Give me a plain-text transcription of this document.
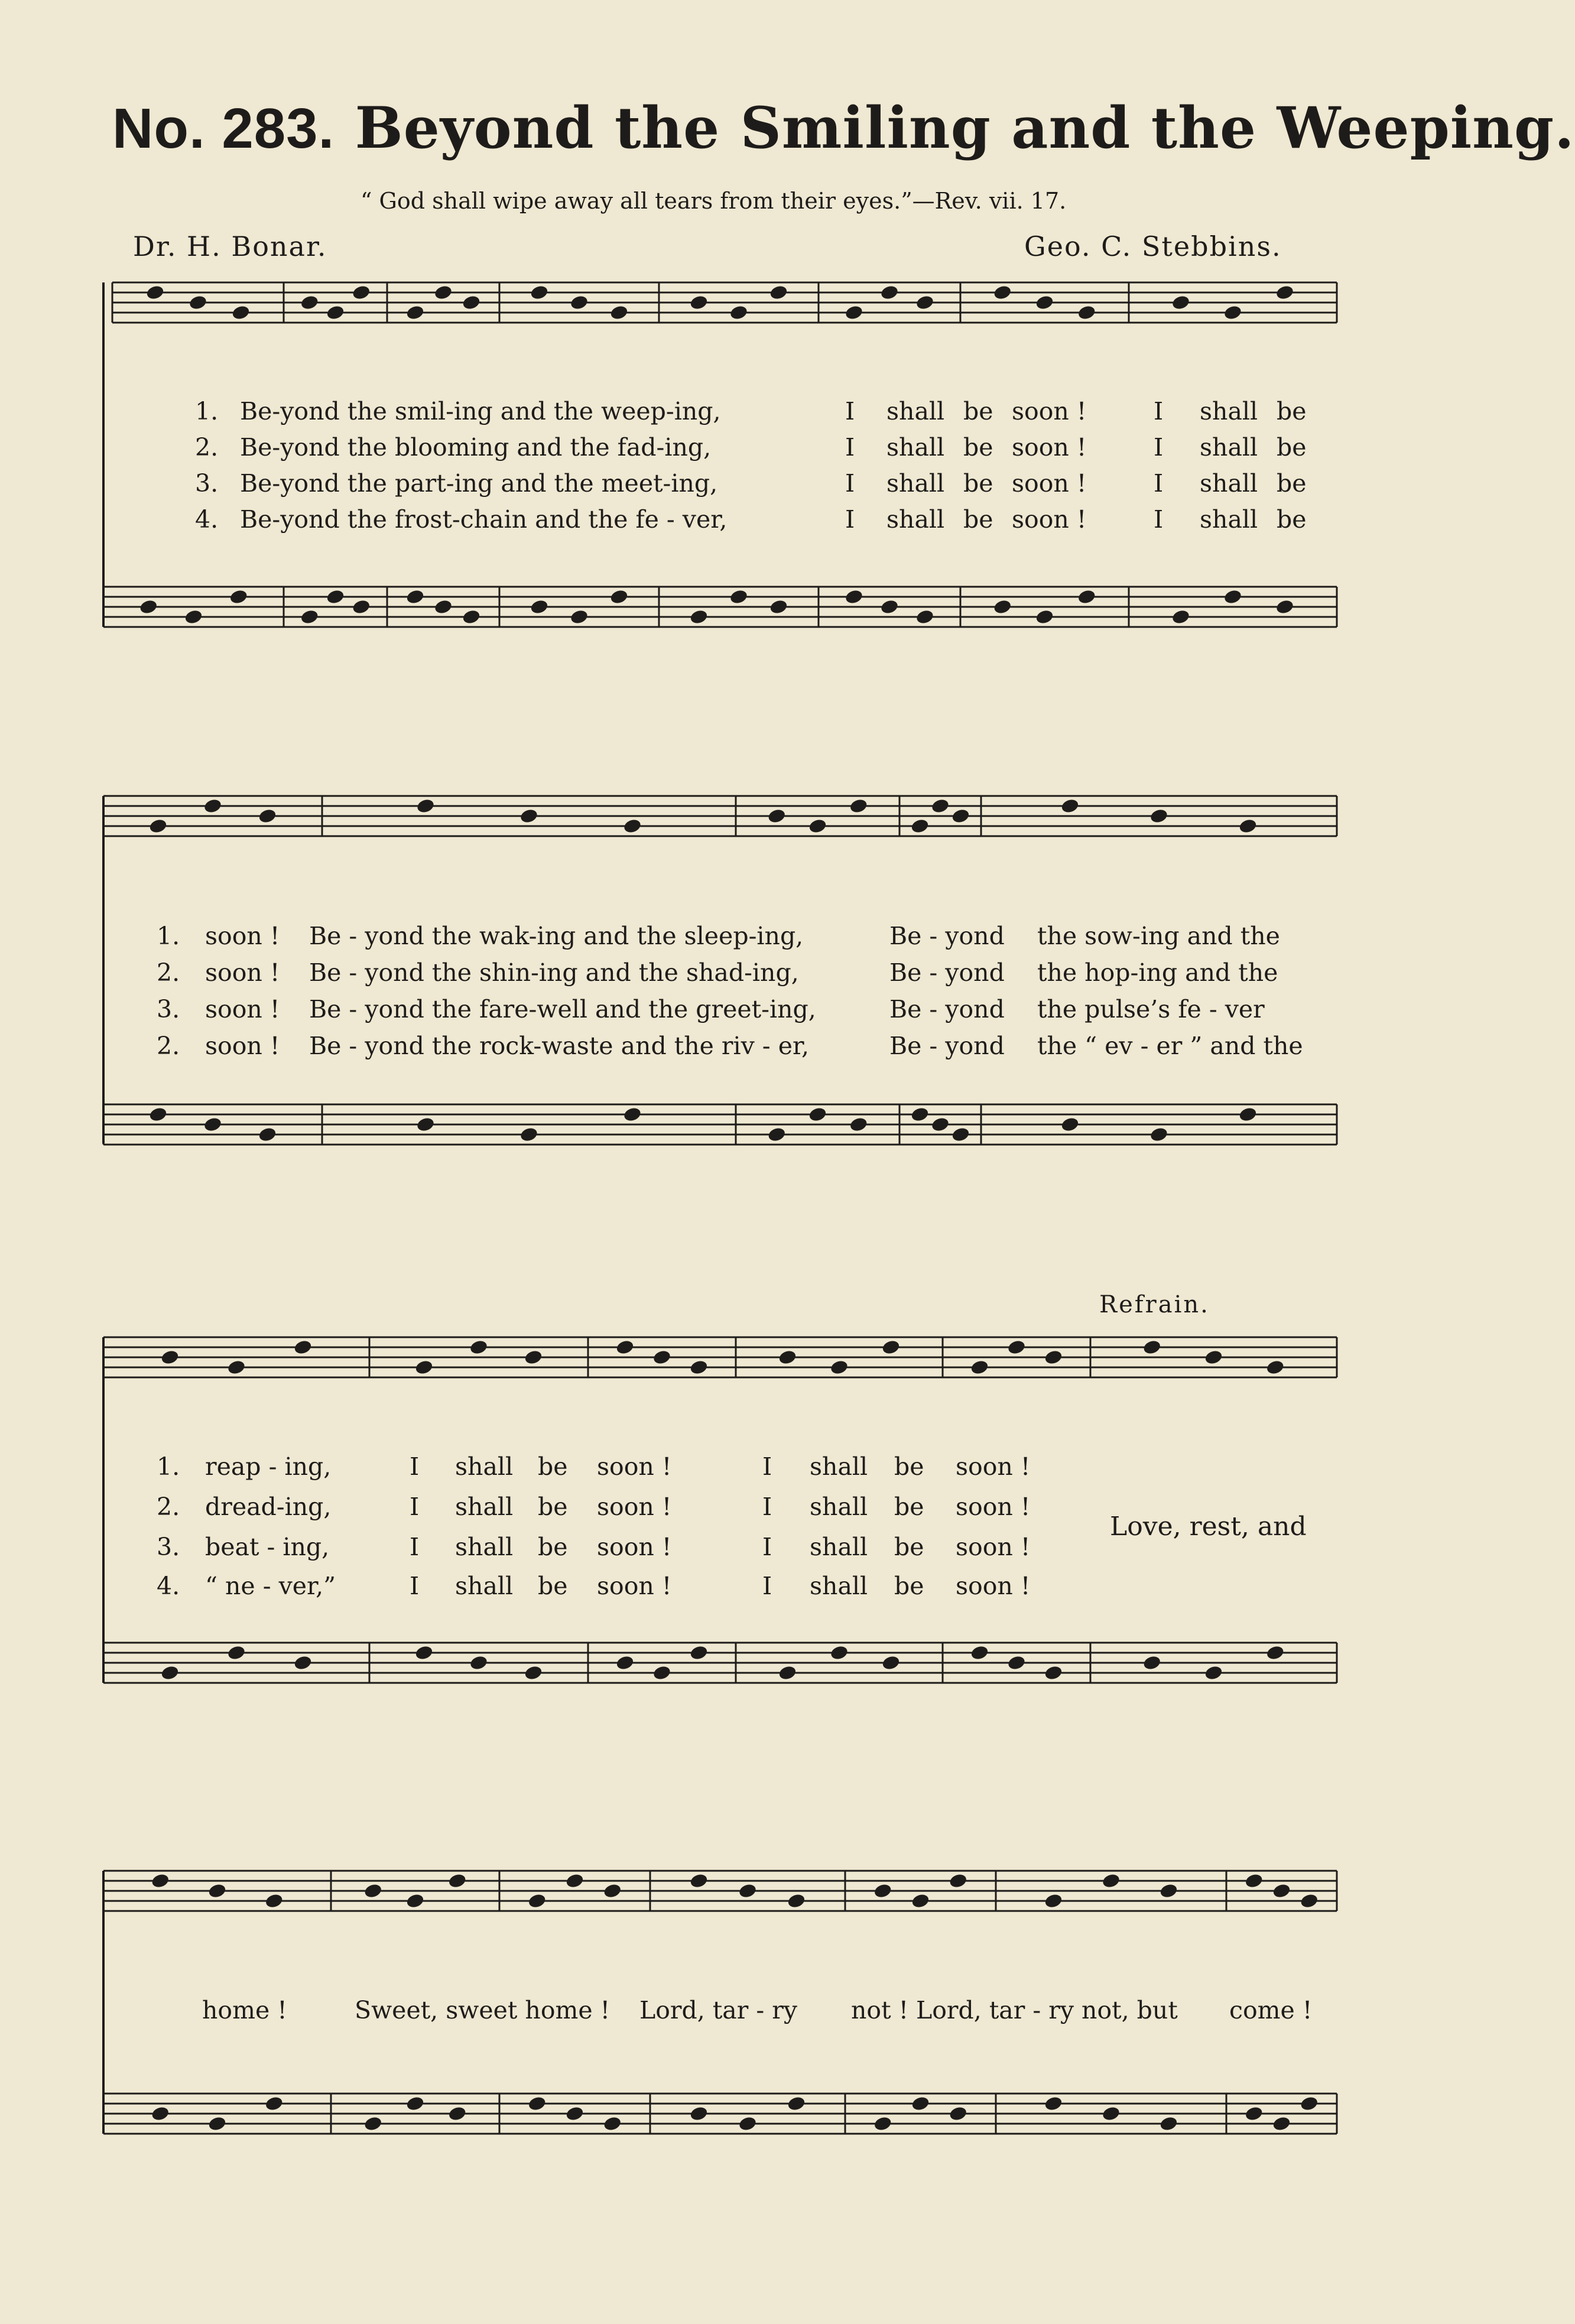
No. 283. Beyond the Smiling and the Weeping.
“ God shall wipe away all tears from their eyes.”—Rev. vii. 17.
Dr. H. Bonar.	Geo. C. Stebbins.
Refrain.
1. Be-yond the smil-ing and the weep-ing,	I shall be soon !	I shall be
2. Be-yond the blooming and the fad-ing,	I shall be soon !	I shall be
3. Be-yond the part-ing and the meet-ing,	I shall be soon !	I shall be
4. Be-yond the frost-chain and the fe - ver,	I shall be soon !	I shall be
1. soon ! Be - yond the wak-ing and the sleep-ing,	Be - yond the sow-ing and the
2. soon ! Be - yond the shin-ing and the shad-ing,	Be - yond the hop-ing and the
3. soon ! Be - yond the fare-well and the greet-ing,	Be - yond the pulse’s fe - ver
2. soon ! Be - yond the rock-waste and the riv - er,	Be - yond the “ ev - er ” and the
1. reap - ing,	I shall be soon !	I shall be soon !
2. dread-ing,	I shall be soon !	I shall be soon !
3. beat - ing,	I shall be soon !	I shall be soon !
4. “ ne - ver,”	I shall be soon !	I shall be soon !
Love, rest, and
home !	Sweet, sweet home ! Lord, tar - ry not ! Lord, tar - ry not, but come !
